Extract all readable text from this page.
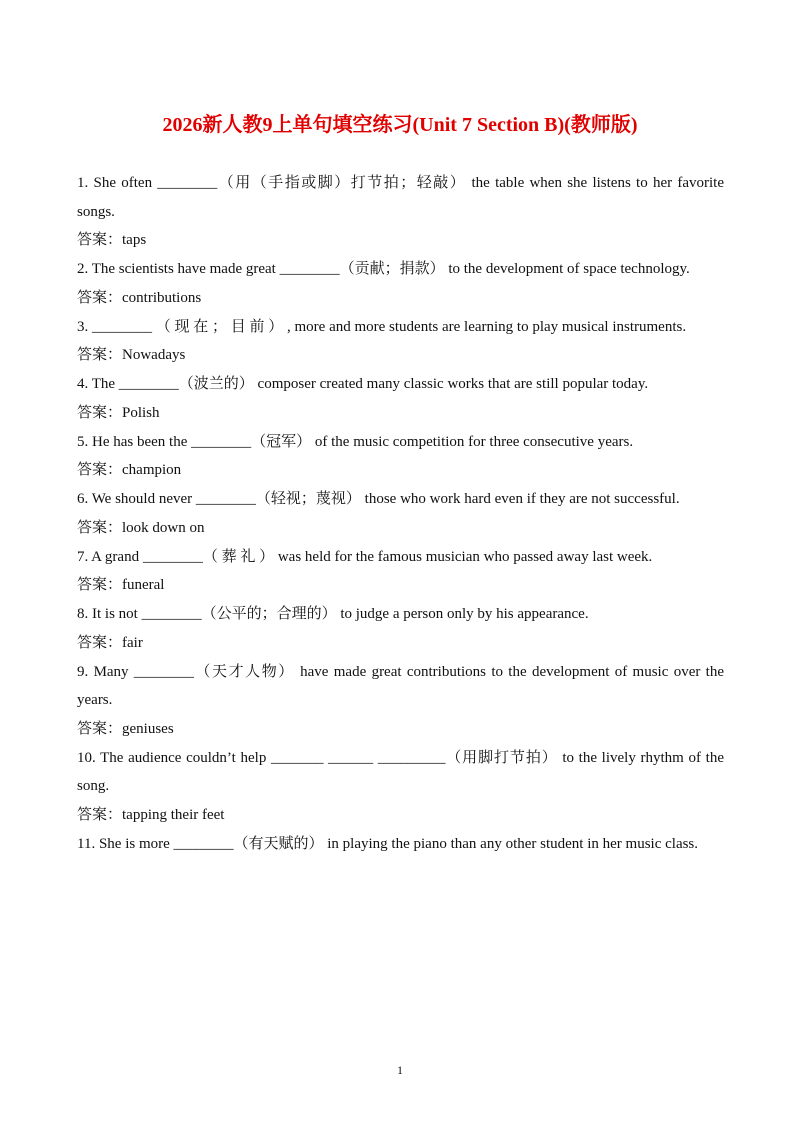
2026新人教9上单句填空练习(Unit 7 Section B)(教师版)

1. She often ________（用（手指或脚）打节拍；轻敲） the table when she listens to her favorite songs.

答案：taps

2. The scientists have made great ________（贡献；捐款） to the development of space technology.

答案：contributions

3. ________ （ 现 在 ； 目 前 ） , more and more students are learning to play musical instruments.

答案：Nowadays

4. The ________（波兰的） composer created many classic works that are still popular today.

答案：Polish

5. He has been the ________（冠军） of the music competition for three consecutive years.

答案：champion

6. We should never ________（轻视；蔑视） those who work hard even if they are not successful.

答案：look down on

7. A grand ________（ 葬 礼 ） was held for the famous musician who passed away last week.

答案：funeral

8. It is not ________（公平的；合理的） to judge a person only by his appearance.

答案：fair

9. Many ________（天才人物） have made great contributions to the development of music over the years.

答案：geniuses

10. The audience couldn’t help _______ ______ _________（用脚打节拍） to the lively rhythm of the song.

答案：tapping their feet

11. She is more ________（有天赋的） in playing the piano than any other student in her music class.

1
